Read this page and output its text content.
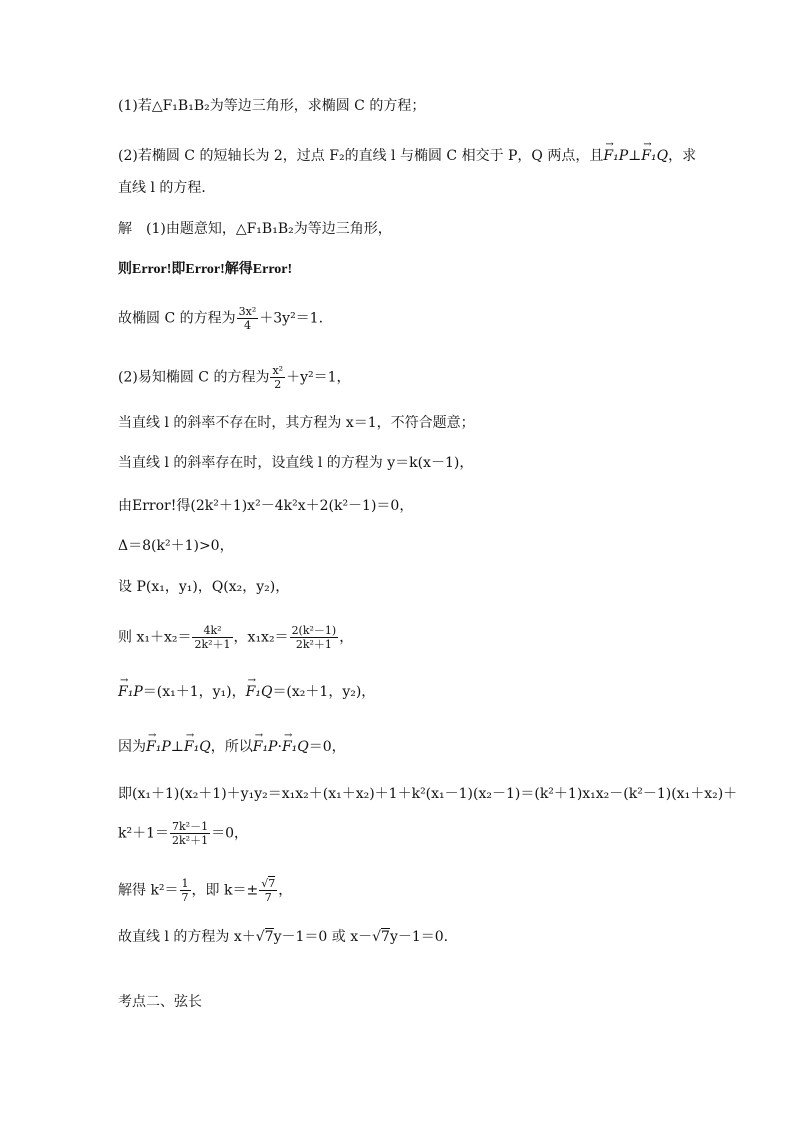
(1)若△F₁B₁B₂为等边三角形，求椭圆 C 的方程；
(2)若椭圆 C 的短轴长为 2，过点 F₂的直线 l 与椭圆 C 相交于 P，Q 两点，且→ F₁P⊥→ F₁Q，求
直线 l 的方程．
解　(1)由题意知，△F₁B₁B₂为等边三角形，
则Error!即Error!解得Error!
故椭圆 C 的方程为 $\frac{\text{3x²}}{4} +3y^2=1$.
(2)易知椭圆 C 的方程为 $\frac{\text{x²}}{2} +y^2=1$，
当直线 l 的斜率不存在时，其方程为 x＝1，不符合题意；
当直线 l 的斜率存在时，设直线 l 的方程为 y＝k(x－1)，
由Error!得(2k²＋1)x²－4k²x＋2(k²－1)＝0，
Δ＝8(k²＋1)>0，
设 P(x₁，y₁)，Q(x₂，y₂)，
则 $x_1+x_2= \frac{\text{4k²}}{\text{2k²＋1}}$ ，$x_1x_2= \frac{\text{2(k²－1)}}{\text{2k²＋1}}$ ，
→ F₁P＝(x₁＋1，y₁)，→ F₁Q＝(x₂＋1，y₂)，
因为→ F₁P⊥→ F₁Q，所以→ F₁P·→ F₁Q＝0，
即(x₁＋1)(x₂＋1)＋y₁y₂＝x₁x₂＋(x₁＋x₂)＋1＋k²(x₁－1)(x₂－1)＝(k²＋1)x₁x₂－(k²－1)(x₁＋x₂)＋
$k^2+1= \frac{\text{7k²－1}}{\text{2k²＋1}} =0$，
解得 $k^2= \frac{1}{7}$ ，即 $k=\pm \frac{√7}{7}$ ，
故直线 l 的方程为 x＋√7y－1＝0 或 x－√7y－1＝0.
考点二、弦长
